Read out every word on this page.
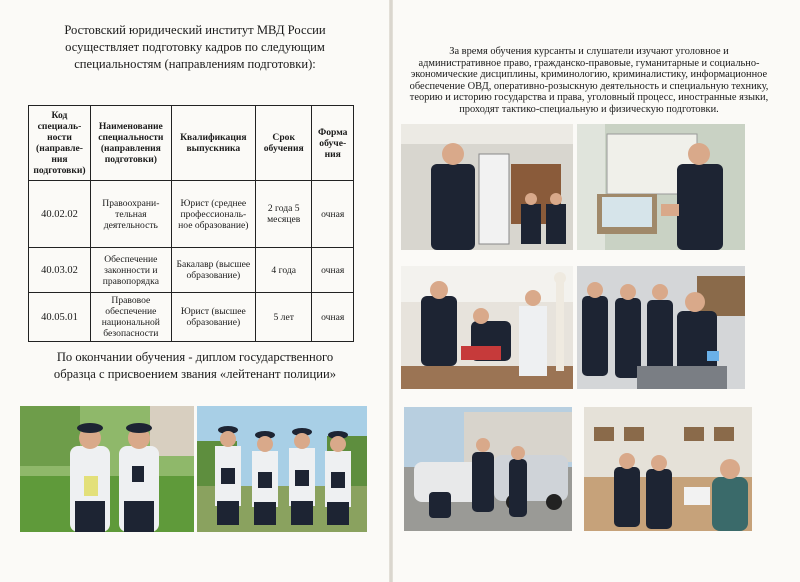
Ростовский юридический институт МВД России осуществляет подготовку кадров по следующим специальностям (направлениям подготовки):
Код специаль-ности (направле-ния подготовки)	Наименование специальности (направления подготовки)	Квалификация выпускника	Срок обучения	Форма обуче-ния
40.02.02	Правоохрани-тельная деятельность	Юрист (среднее профессиональ-ное образование)	2 года 5 месяцев	очная
40.03.02	Обеспечение законности и правопорядка	Бакалавр (высшее образование)	4 года	очная
40.05.01	Правовое обеспечение национальной безопасности	Юрист (высшее образование)	5 лет	очная
По окончании обучения - диплом государственного образца с присвоением звания «лейтенант полиции»
За время обучения курсанты и слушатели изучают уголовное и административное право, гражданско-правовые, гуманитарные и социально-экономические дисциплины, криминологию, криминалистику, информационное обеспечение ОВД, оперативно-розыскную деятельность и специальную технику, теорию и историю государства и права, уголовный процесс, иностранные языки, проходят тактико-специальную и физическую подготовки.
